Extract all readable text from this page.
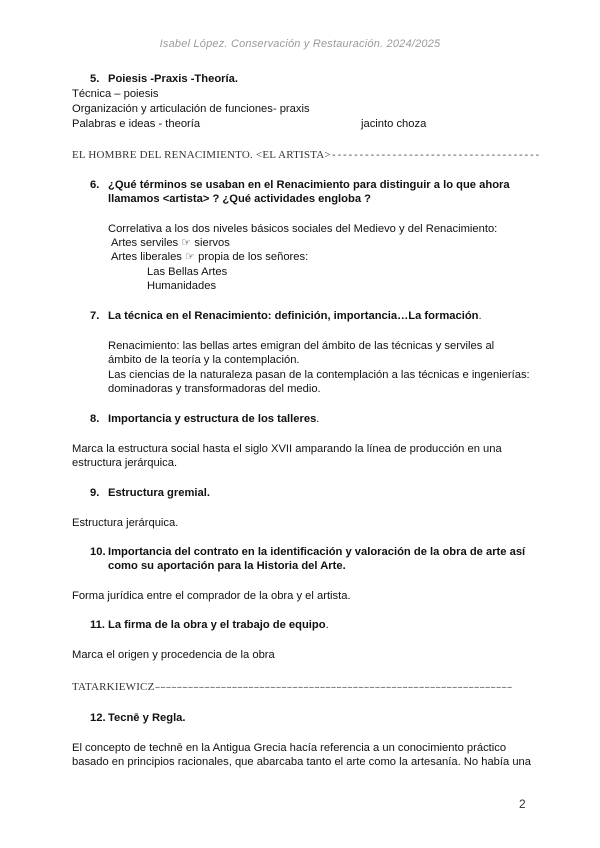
Isabel López. Conservación y Restauración. 2024/2025
5. Poiesis -Praxis -Theoría.
Técnica – poiesis
Organización y articulación de funciones- praxis
Palabras e ideas - theoría	jacinto choza
EL HOMBRE DEL RENACIMIENTO. <EL ARTISTA>--------------------------------------
6. ¿Qué términos se usaban en el Renacimiento para distinguir a lo que ahora
llamamos <artista> ? ¿Qué actividades engloba ?
Correlativa a los dos niveles básicos sociales del Medievo y del Renacimiento:
Artes serviles ☞ siervos
Artes liberales ☞ propia de los señores:
Las Bellas Artes
Humanidades
7. La técnica en el Renacimiento: definición, importancia…La formación.
Renacimiento: las bellas artes emigran del ámbito de las técnicas y serviles al
ámbito de la teoría y la contemplación.
Las ciencias de la naturaleza pasan de la contemplación a las técnicas e ingenierías:
dominadoras y transformadoras del medio.
8. Importancia y estructura de los talleres.
Marca la estructura social hasta el siglo XVII amparando la línea de producción en una
estructura jerárquica.
9. Estructura gremial.
Estructura jerárquica.
10. Importancia del contrato en la identificación y valoración de la obra de arte así
como su aportación para la Historia del Arte.
Forma jurídica entre el comprador de la obra y el artista.
11. La firma de la obra y el trabajo de equipo.
Marca el origen y procedencia de la obra
TATARKIEWICZ–––––––––––––––––––––––––––––––––––––––––––––––––––––––––––––––––
12. Tecnē y Regla.
El concepto de technē en la Antigua Grecia hacía referencia a un conocimiento práctico
basado en principios racionales, que abarcaba tanto el arte como la artesanía. No había una
2
